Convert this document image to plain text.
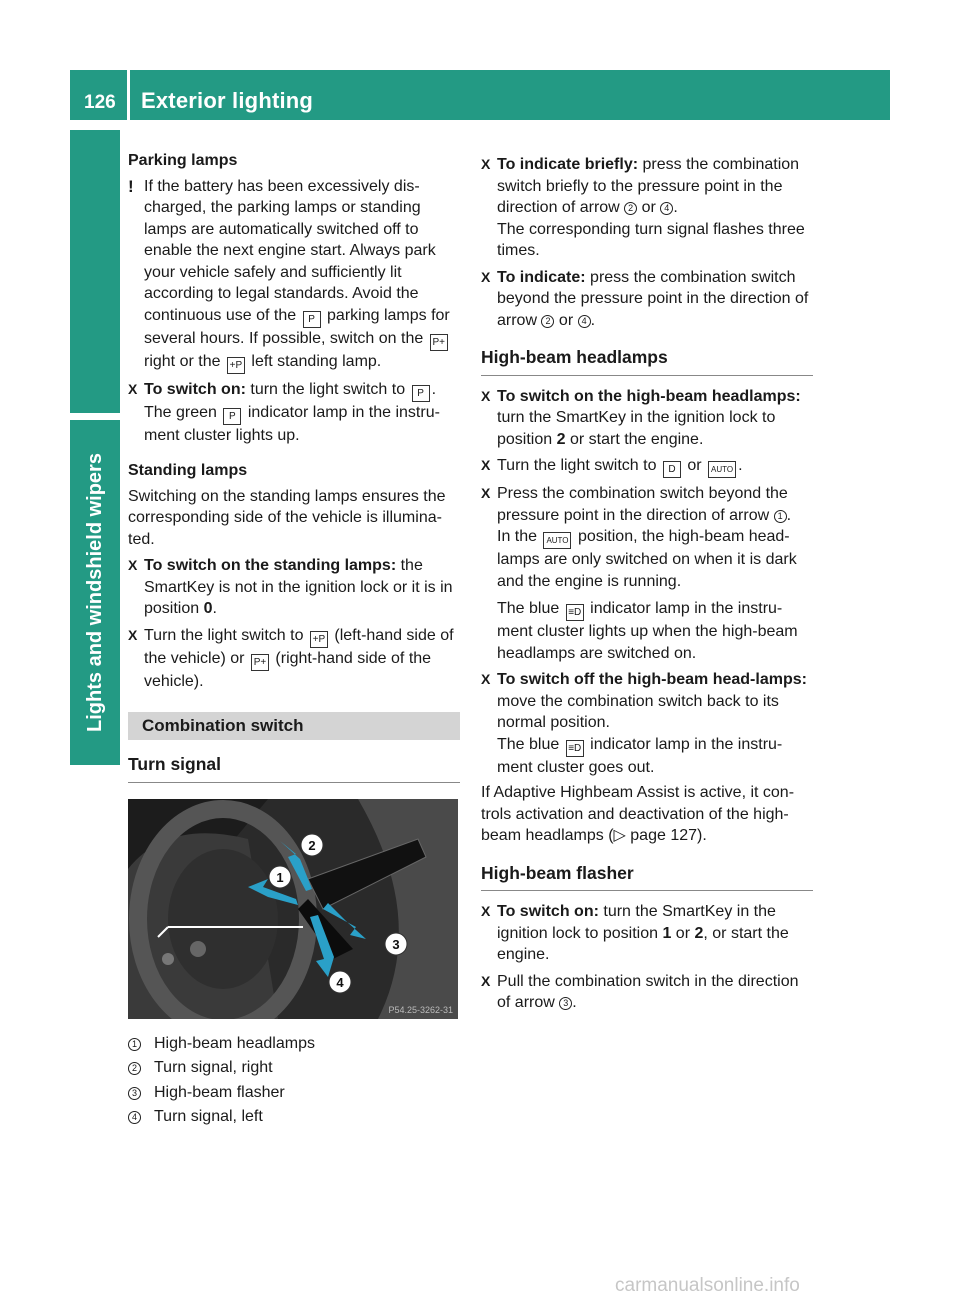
126 Exterior lighting
Lights and windshield wipers

Parking lamps

! If the battery has been excessively dis-charged, the parking lamps or standing lamps are automatically switched off to enable the next engine start. Always park your vehicle safely and sufficiently lit according to legal standards. Avoid the continuous use of the P parking lamps for several hours. If possible, switch on the P+ right or the +P left standing lamp.
X To switch on: turn the light switch to P . The green P indicator lamp in the instru-ment cluster lights up.

Standing lamps

Switching on the standing lamps ensures the corresponding side of the vehicle is illumina-ted.

X To switch on the standing lamps: the SmartKey is not in the ignition lock or it is in position 0.
X Turn the light switch to +P (left-hand side of the vehicle) or P+ (right-hand side of the vehicle).
Combination switch

Turn signal

1
2
3
4
P54.25-3262-31
1	High-beam headlamps
2	Turn signal, right
3	High-beam flasher
4	Turn signal, left
X To indicate briefly: press the combination switch briefly to the pressure point in the direction of arrow 2 or 4 .
The corresponding turn signal flashes three times.
X To indicate: press the combination switch beyond the pressure point in the direction of arrow 2 or 4 .

High-beam headlamps

X To switch on the high-beam headlamps: turn the SmartKey in the ignition lock to position 2 or start the engine.
X Turn the light switch to D or AUTO .
X Press the combination switch beyond the pressure point in the direction of arrow 1 .
In the AUTO position, the high-beam head-lamps are only switched on when it is dark and the engine is running.
The blue ≡D indicator lamp in the instru-ment cluster lights up when the high-beam headlamps are switched on.
X To switch off the high-beam head-lamps: move the combination switch back to its normal position.
The blue ≡D indicator lamp in the instru-ment cluster goes out.

If Adaptive Highbeam Assist is active, it con-trols activation and deactivation of the high-beam headlamps (▷ page 127).

High-beam flasher

X To switch on: turn the SmartKey in the ignition lock to position 1 or 2, or start the engine.
X Pull the combination switch in the direction of arrow 3 .
carmanualsonline.info
